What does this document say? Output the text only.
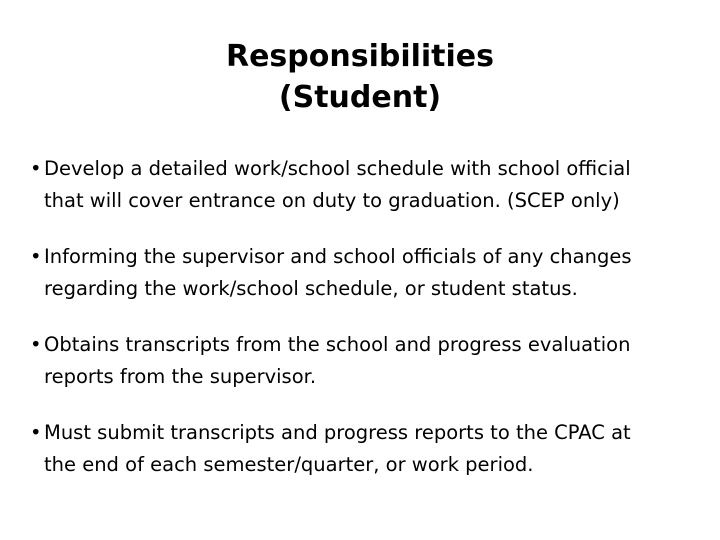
Responsibilities
(Student)
• Develop a detailed work/school schedule with school official
that will cover entrance on duty to graduation. (SCEP only)
• Informing the supervisor and school officials of any changes
regarding the work/school schedule, or student status.
• Obtains transcripts from the school and progress evaluation
reports from the supervisor.
• Must submit transcripts and progress reports to the CPAC at
the end of each semester/quarter, or work period.
